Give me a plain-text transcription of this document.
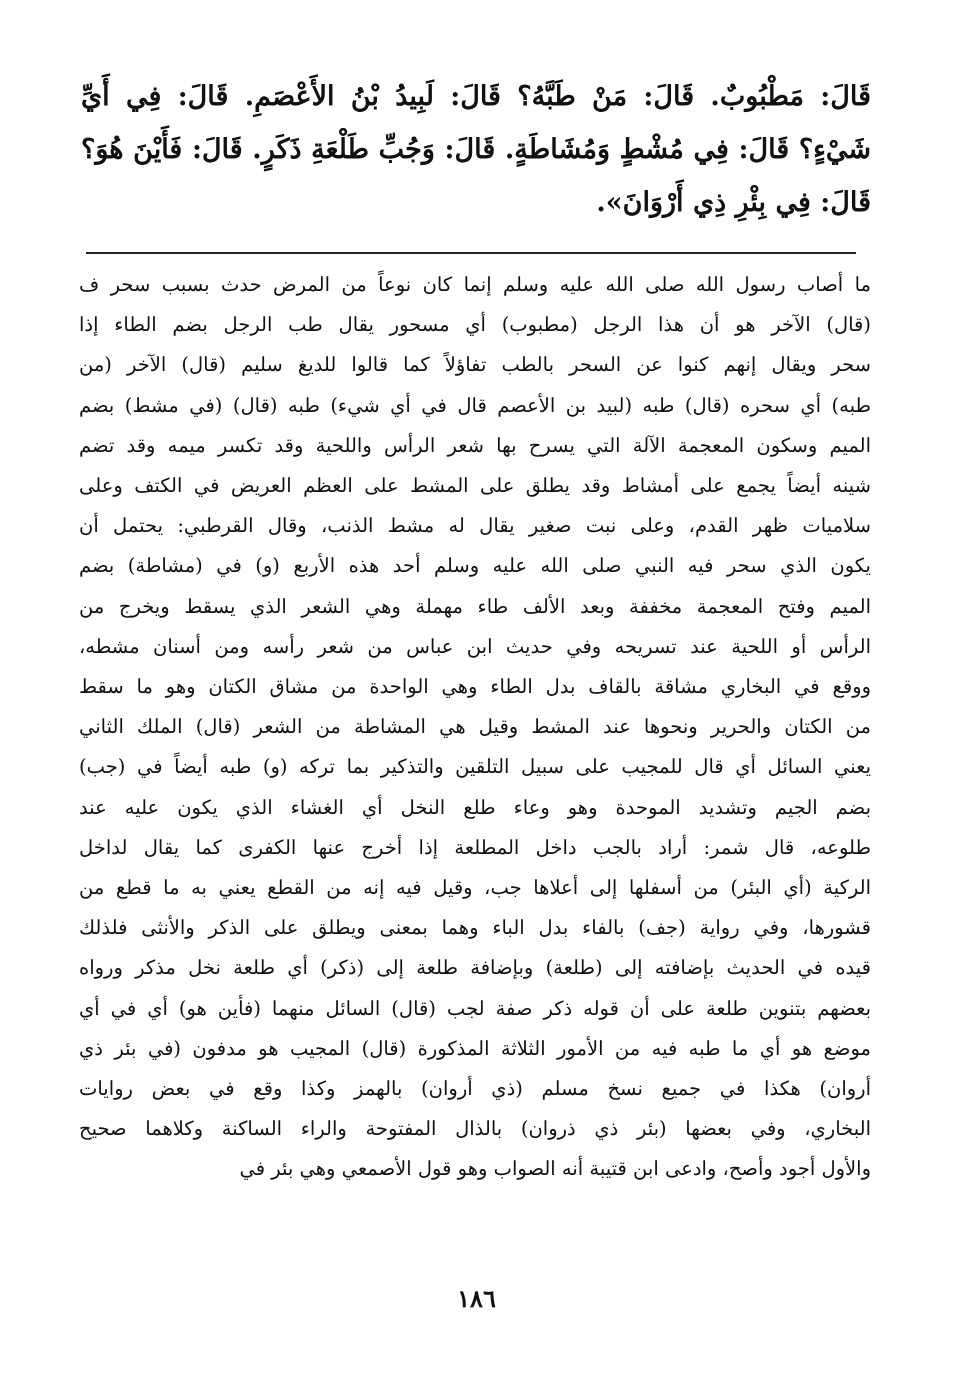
قَالَ: مَطْبُوبٌ. قَالَ: مَنْ طَبَّهُ؟ قَالَ: لَبِيدُ بْنُ الأَعْصَمِ. قَالَ: فِي أَيِّ شَيْءٍ؟ قَالَ: فِي مُشْطٍ وَمُشَاطَةٍ. قَالَ: وَجُبِّ طَلْعَةِ ذَكَرٍ. قَالَ: فَأَيْنَ هُوَ؟ قَالَ: فِي بِئْرِ ذِي أَرْوَانَ».

ما أصاب رسول الله صلى الله عليه وسلم إنما كان نوعاً من المرض حدث بسبب سحر ف
(قال) الآخر هو أن هذا الرجل (مطبوب) أي مسحور يقال طب الرجل بضم الطاء إذا
سحر ويقال إنهم كنوا عن السحر بالطب تفاؤلاً كما قالوا للديغ سليم (قال) الآخر (من
طبه) أي سحره (قال) طبه (لبيد بن الأعصم قال في أي شيء) طبه (قال) (في مشط) بضم
الميم وسكون المعجمة الآلة التي يسرح بها شعر الرأس واللحية وقد تكسر ميمه وقد تضم
شينه أيضاً يجمع على أمشاط وقد يطلق على المشط على العظم العريض في الكتف وعلى
سلاميات ظهر القدم، وعلى نبت صغير يقال له مشط الذنب، وقال القرطبي: يحتمل أن
يكون الذي سحر فيه النبي صلى الله عليه وسلم أحد هذه الأربع (و) في (مشاطة) بضم
الميم وفتح المعجمة مخففة وبعد الألف طاء مهملة وهي الشعر الذي يسقط ويخرج من
الرأس أو اللحية عند تسريحه وفي حديث ابن عباس من شعر رأسه ومن أسنان مشطه،
ووقع في البخاري مشاقة بالقاف بدل الطاء وهي الواحدة من مشاق الكتان وهو ما سقط
من الكتان والحرير ونحوها عند المشط وقيل هي المشاطة من الشعر (قال) الملك الثاني
يعني السائل أي قال للمجيب على سبيل التلقين والتذكير بما تركه (و) طبه أيضاً في (جب)
بضم الجيم وتشديد الموحدة وهو وعاء طلع النخل أي الغشاء الذي يكون عليه عند
طلوعه، قال شمر: أراد بالجب داخل المطلعة إذا أخرج عنها الكفرى كما يقال لداخل
الركية (أي البئر) من أسفلها إلى أعلاها جب، وقيل فيه إنه من القطع يعني به ما قطع من
قشورها، وفي رواية (جف) بالفاء بدل الباء وهما بمعنى ويطلق على الذكر والأنثى فلذلك
قيده في الحديث بإضافته إلى (طلعة) وبإضافة طلعة إلى (ذكر) أي طلعة نخل مذكر ورواه
بعضهم بتنوين طلعة على أن قوله ذكر صفة لجب (قال) السائل منهما (فأين هو) أي في أي
موضع هو أي ما طبه فيه من الأمور الثلاثة المذكورة (قال) المجيب هو مدفون (في بئر ذي
أروان) هكذا في جميع نسخ مسلم (ذي أروان) بالهمز وكذا وقع في بعض روايات
البخاري، وفي بعضها (بئر ذي ذروان) بالذال المفتوحة والراء الساكنة وكلاهما صحيح
والأول أجود وأصح، وادعى ابن قتيبة أنه الصواب وهو قول الأصمعي وهي بئر في
١٨٦
